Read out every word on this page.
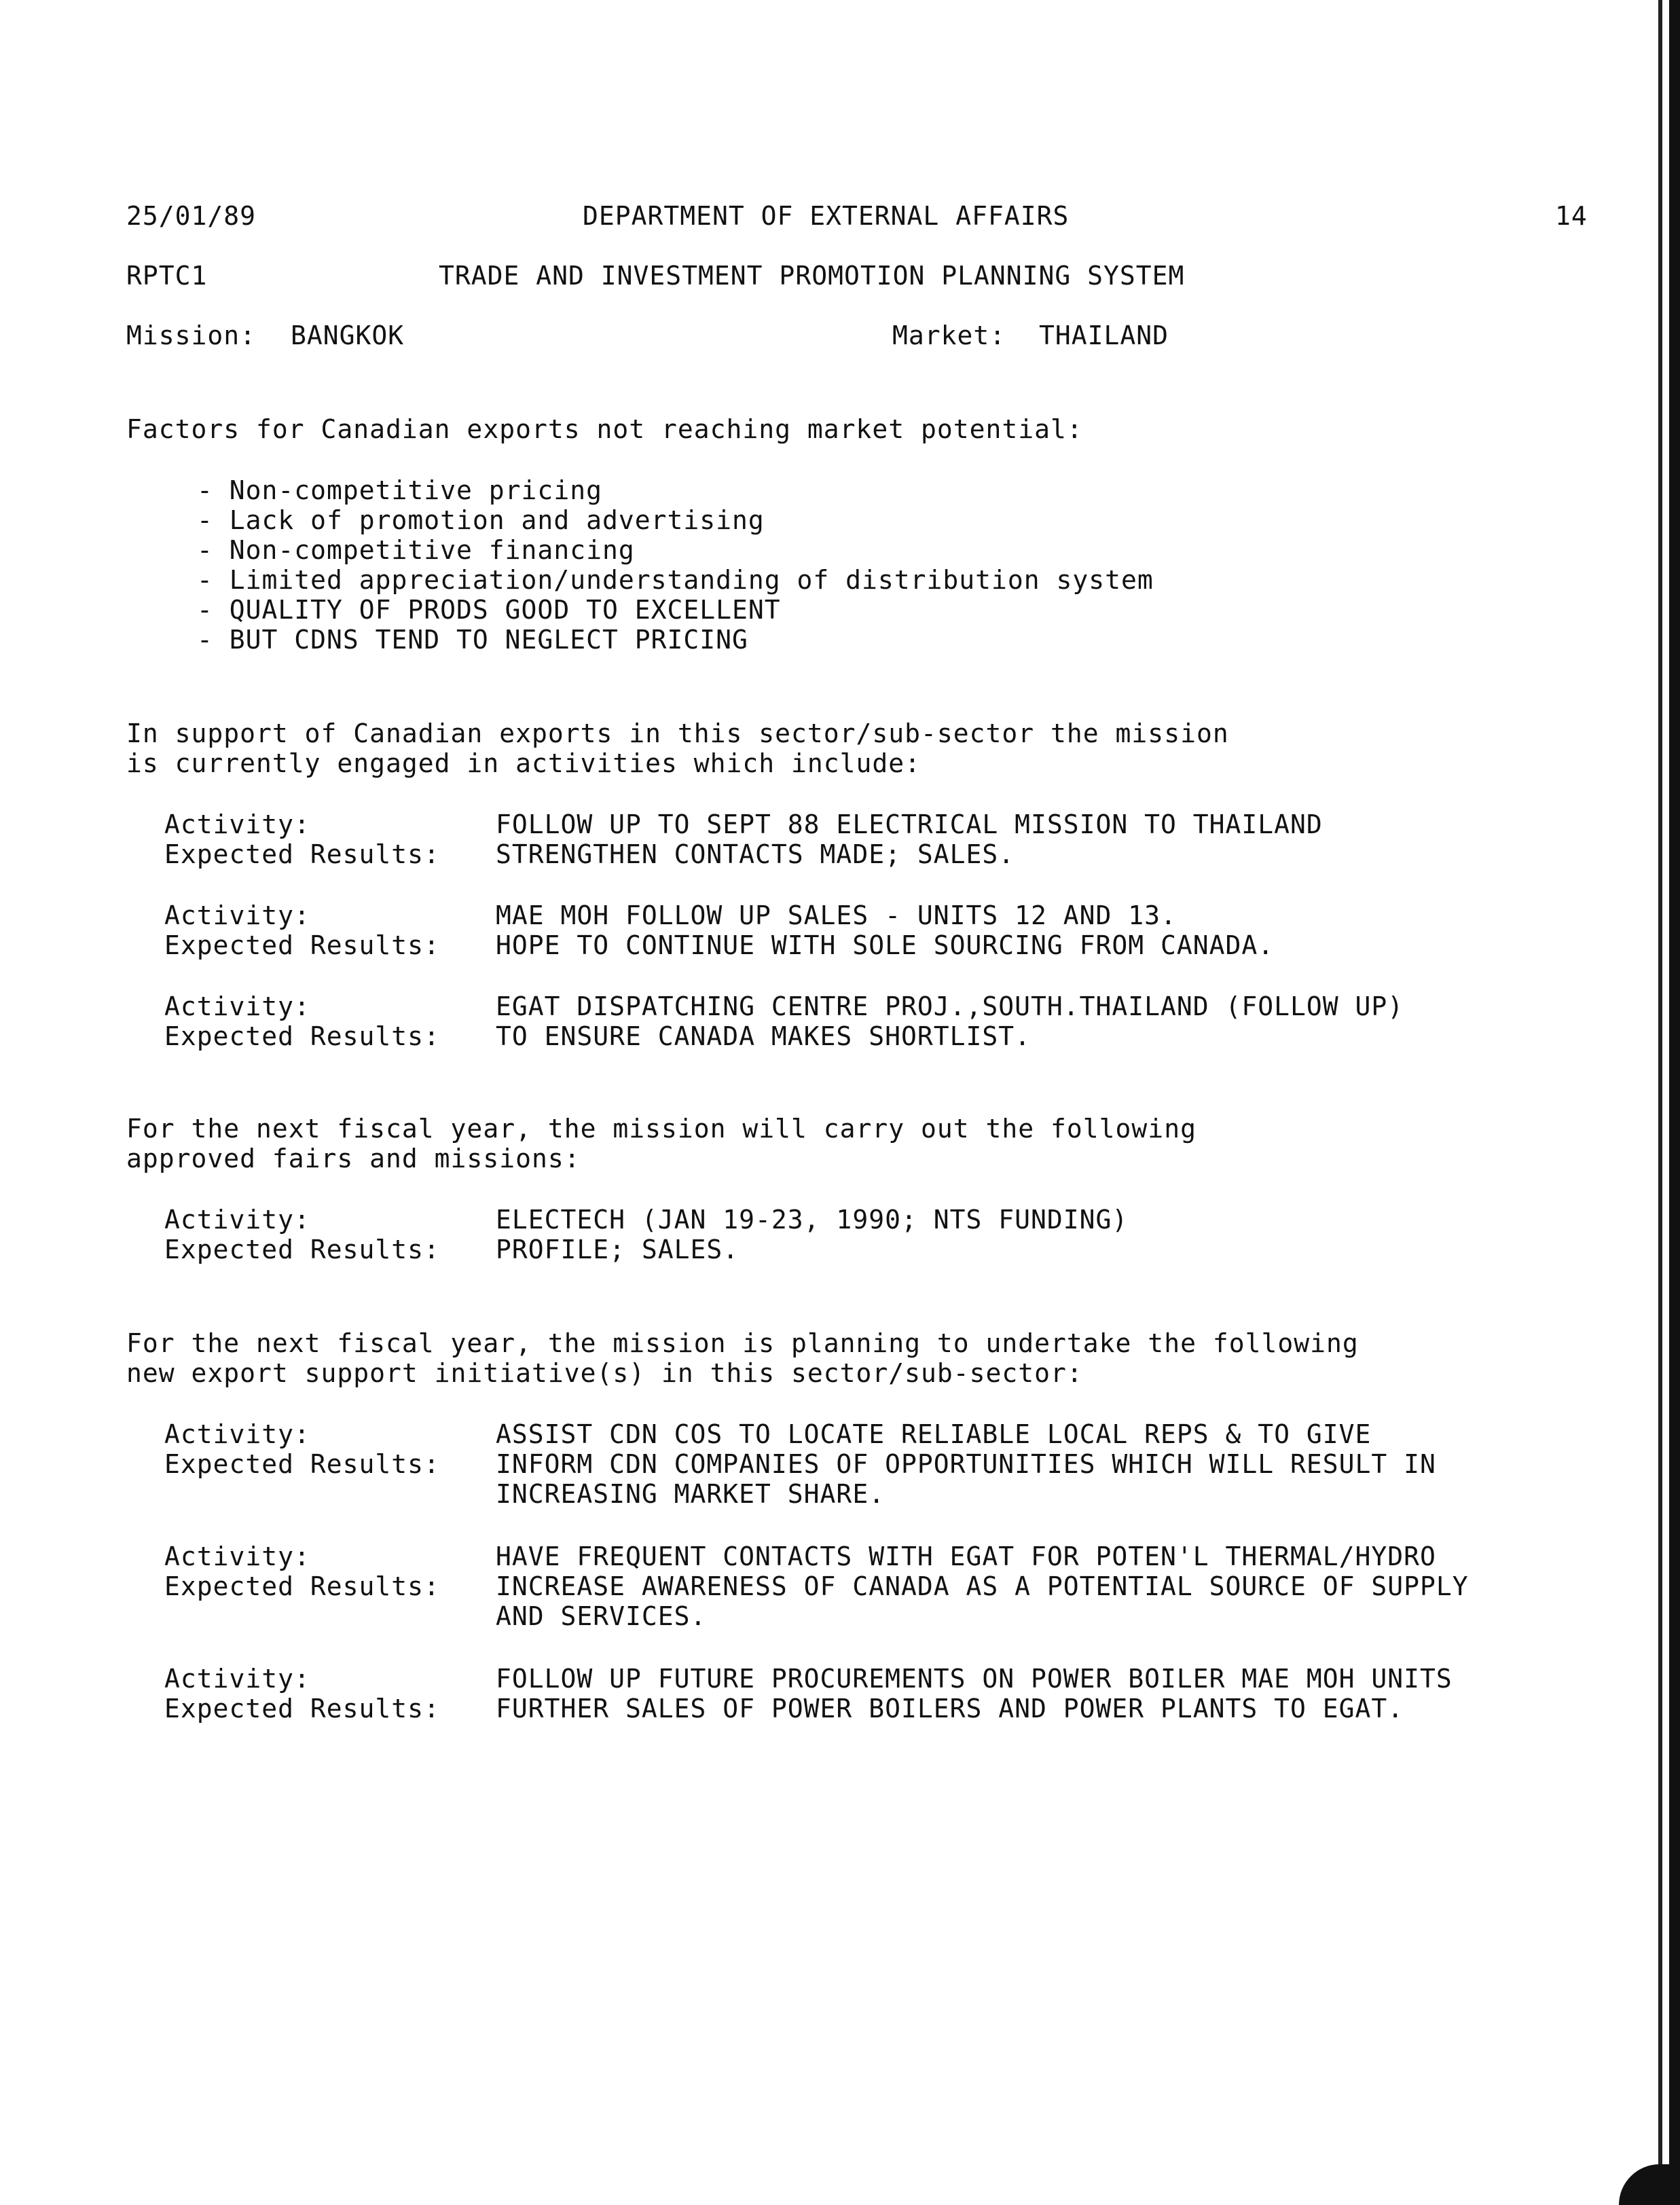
25/01/89	DEPARTMENT OF EXTERNAL AFFAIRS	14
RPTC1	TRADE AND INVESTMENT PROMOTION PLANNING SYSTEM
Mission: BANGKOK	Market: THAILAND
Factors for Canadian exports not reaching market potential:
- Non-competitive pricing
- Lack of promotion and advertising
- Non-competitive financing
- Limited appreciation/understanding of distribution system
- QUALITY OF PRODS GOOD TO EXCELLENT
- BUT CDNS TEND TO NEGLECT PRICING
In support of Canadian exports in this sector/sub-sector the mission
is currently engaged in activities which include:
Activity:	FOLLOW UP TO SEPT 88 ELECTRICAL MISSION TO THAILAND
Expected Results: STRENGTHEN CONTACTS MADE; SALES.
Activity:	MAE MOH FOLLOW UP SALES - UNITS 12 AND 13.
Expected Results: HOPE TO CONTINUE WITH SOLE SOURCING FROM CANADA.
Activity:	EGAT DISPATCHING CENTRE PROJ.,SOUTH.THAILAND (FOLLOW UP)
Expected Results: TO ENSURE CANADA MAKES SHORTLIST.
For the next fiscal year, the mission will carry out the following
approved fairs and missions:
Activity:	ELECTECH (JAN 19-23, 1990; NTS FUNDING)
Expected Results: PROFILE; SALES.
For the next fiscal year, the mission is planning to undertake the following
new export support initiative(s) in this sector/sub-sector:
Activity:	ASSIST CDN COS TO LOCATE RELIABLE LOCAL REPS & TO GIVE
Expected Results: INFORM CDN COMPANIES OF OPPORTUNITIES WHICH WILL RESULT IN
INCREASING MARKET SHARE.
Activity:	HAVE FREQUENT CONTACTS WITH EGAT FOR POTEN'L THERMAL/HYDRO
Expected Results: INCREASE AWARENESS OF CANADA AS A POTENTIAL SOURCE OF SUPPLY
AND SERVICES.
Activity:	FOLLOW UP FUTURE PROCUREMENTS ON POWER BOILER MAE MOH UNITS
Expected Results: FURTHER SALES OF POWER BOILERS AND POWER PLANTS TO EGAT.
